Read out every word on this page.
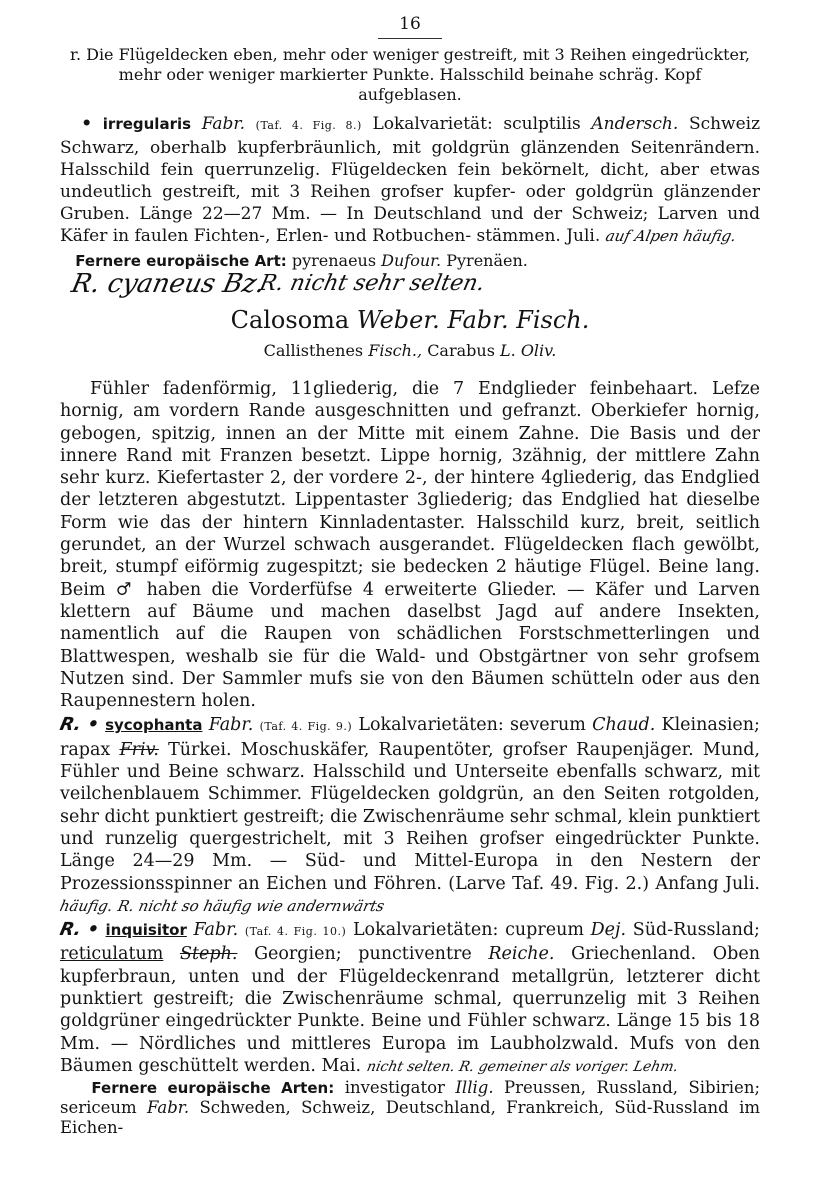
16

r. Die Flügeldecken eben, mehr oder weniger gestreift, mit 3 Reihen eingedrückter,

mehr oder weniger markierter Punkte. Halsschild beinahe schräg. Kopf

aufgeblasen.

• irregularis Fabr. (Taf. 4. Fig. 8.) Lokalvarietät: sculptilis Andersch. Schweiz Schwarz, oberhalb kupferbräunlich, mit goldgrün glänzenden Seitenrändern. Halsschild fein querrunzelig. Flügeldecken fein bekörnelt, dicht, aber etwas undeutlich gestreift, mit 3 Reihen grofser kupfer- oder goldgrün glänzender Gruben. Länge 22—27 Mm. — In Deutschland und der Schweiz; Larven und Käfer in faulen Fichten-, Erlen- und Rotbuchen- stämmen. Juli. auf Alpen häufig.

Fernere europäische Art: pyrenaeus Dufour. Pyrenäen.

R. cyaneus Bz.
R. nicht sehr selten.

Calosoma Weber. Fabr. Fisch.

Callisthenes Fisch., Carabus L. Oliv.

Fühler fadenförmig, 11gliederig, die 7 Endglieder feinbehaart. Lefze hornig, am vordern Rande ausgeschnitten und gefranzt. Oberkiefer hornig, gebogen, spitzig, innen an der Mitte mit einem Zahne. Die Basis und der innere Rand mit Franzen besetzt. Lippe hornig, 3zähnig, der mittlere Zahn sehr kurz. Kiefertaster 2, der vordere 2-, der hintere 4gliederig, das Endglied der letzteren abgestutzt. Lippentaster 3gliederig; das Endglied hat dieselbe Form wie das der hintern Kinnladentaster. Halsschild kurz, breit, seitlich gerundet, an der Wurzel schwach ausgerandet. Flügeldecken flach gewölbt, breit, stumpf eiförmig zugespitzt; sie bedecken 2 häutige Flügel. Beine lang. Beim ♂ haben die Vorderfüfse 4 erweiterte Glieder. — Käfer und Larven klettern auf Bäume und machen daselbst Jagd auf andere Insekten, namentlich auf die Raupen von schädlichen Forstschmetterlingen und Blattwespen, weshalb sie für die Wald- und Obstgärtner von sehr grofsem Nutzen sind. Der Sammler mufs sie von den Bäumen schütteln oder aus den Raupennestern holen.

R. • sycophanta Fabr. (Taf. 4. Fig. 9.) Lokalvarietäten: severum Chaud. Kleinasien; rapax Friv. Türkei. Moschuskäfer, Raupentöter, grofser Raupenjäger. Mund, Fühler und Beine schwarz. Halsschild und Unterseite ebenfalls schwarz, mit veilchenblauem Schimmer. Flügeldecken goldgrün, an den Seiten rotgolden, sehr dicht punktiert gestreift; die Zwischenräume sehr schmal, klein punktiert und runzelig quergestrichelt, mit 3 Reihen grofser eingedrückter Punkte. Länge 24—29 Mm. — Süd- und Mittel-Europa in den Nestern der Prozessionsspinner an Eichen und Föhren. (Larve Taf. 49. Fig. 2.) Anfang Juli. häufig. R. nicht so häufig wie andernwärts

R. • inquisitor Fabr. (Taf. 4. Fig. 10.) Lokalvarietäten: cupreum Dej. Süd-Russland; reticulatum Steph. Georgien; punctiventre Reiche. Griechenland. Oben kupferbraun, unten und der Flügeldeckenrand metallgrün, letzterer dicht punktiert gestreift; die Zwischenräume schmal, querrunzelig mit 3 Reihen goldgrüner eingedrückter Punkte. Beine und Fühler schwarz. Länge 15 bis 18 Mm. — Nördliches und mittleres Europa im Laubholzwald. Mufs von den Bäumen geschüttelt werden. Mai. nicht selten. R. gemeiner als voriger. Lehm.

Fernere europäische Arten: investigator Illig. Preussen, Russland, Sibirien; sericeum Fabr. Schweden, Schweiz, Deutschland, Frankreich, Süd-Russland im Eichen-
